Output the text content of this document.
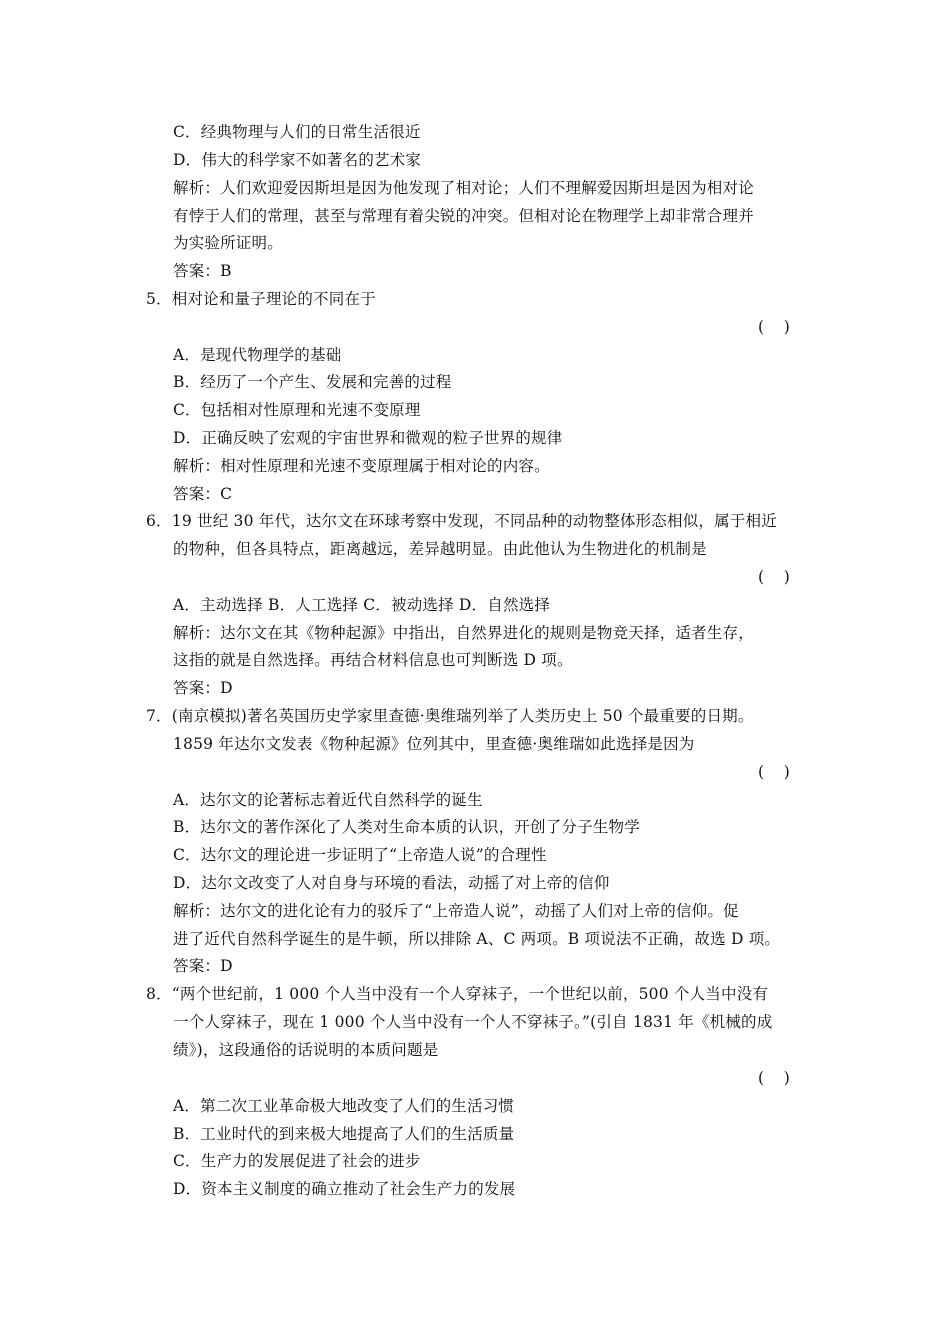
C．经典物理与人们的日常生活很近
D．伟大的科学家不如著名的艺术家
解析：人们欢迎爱因斯坦是因为他发现了相对论；人们不理解爱因斯坦是因为相对论
有悖于人们的常理，甚至与常理有着尖锐的冲突。但相对论在物理学上却非常合理并
为实验所证明。
答案：B
5．相对论和量子理论的不同在于
(    )
A．是现代物理学的基础
B．经历了一个产生、发展和完善的过程
C．包括相对性原理和光速不变原理
D．正确反映了宏观的宇宙世界和微观的粒子世界的规律
解析：相对性原理和光速不变原理属于相对论的内容。
答案：C
6．19 世纪 30 年代，达尔文在环球考察中发现，不同品种的动物整体形态相似，属于相近
的物种，但各具特点，距离越远，差异越明显。由此他认为生物进化的机制是
(    )
A．主动选择 B．人工选择 C．被动选择 D．自然选择
解析：达尔文在其《物种起源》中指出，自然界进化的规则是物竞天择，适者生存，
这指的就是自然选择。再结合材料信息也可判断选 D 项。
答案：D
7．(南京模拟)著名英国历史学家里查德·奥维瑞列举了人类历史上 50 个最重要的日期。
1859 年达尔文发表《物种起源》位列其中，里查德·奥维瑞如此选择是因为
(    )
A．达尔文的论著标志着近代自然科学的诞生
B．达尔文的著作深化了人类对生命本质的认识，开创了分子生物学
C．达尔文的理论进一步证明了“上帝造人说”的合理性
D．达尔文改变了人对自身与环境的看法，动摇了对上帝的信仰
解析：达尔文的进化论有力的驳斥了“上帝造人说”，动摇了人们对上帝的信仰。促
进了近代自然科学诞生的是牛顿，所以排除 A、C 两项。B 项说法不正确，故选 D 项。
答案：D
8．“两个世纪前，1 000 个人当中没有一个人穿袜子，一个世纪以前，500 个人当中没有
一个人穿袜子，现在 1 000 个人当中没有一个人不穿袜子。”(引自 1831 年《机械的成
绩》)，这段通俗的话说明的本质问题是
(    )
A．第二次工业革命极大地改变了人们的生活习惯
B．工业时代的到来极大地提高了人们的生活质量
C．生产力的发展促进了社会的进步
D．资本主义制度的确立推动了社会生产力的发展
